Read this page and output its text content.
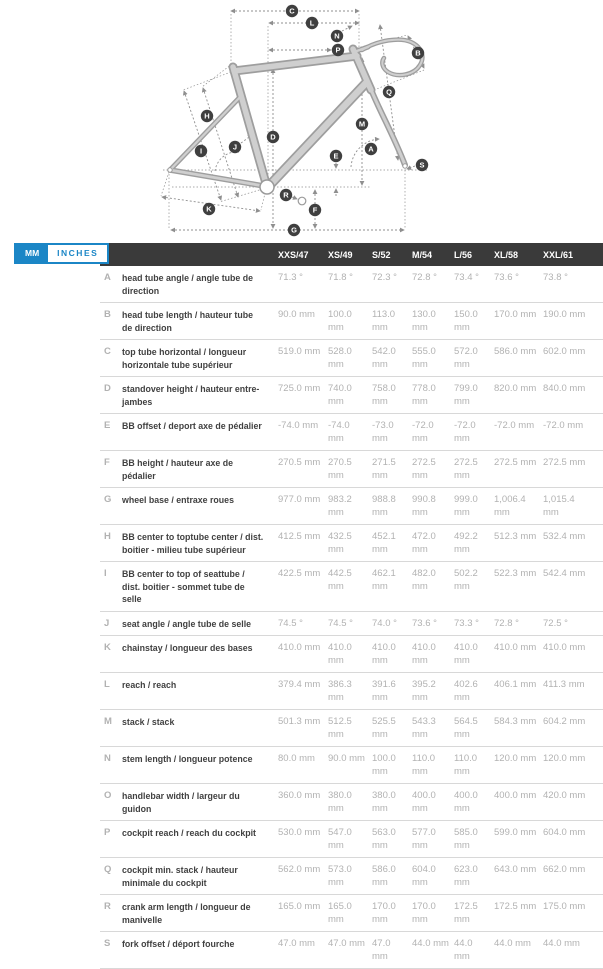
C
L
N
P	B
Q
H
M
D
J	A
I
E
S
R
K	F
G
MM	INCHES
		XXS/47	XS/49	S/52	M/54	L/56	XL/58	XXL/61
A	head tube angle / angle tube de direction	71.3 °	71.8 °	72.3 °	72.8 °	73.4 °	73.6 °	73.8 °

B	head tube length / hauteur tube de direction	90.0 mm	100.0 mm	113.0 mm	130.0 mm	150.0 mm	170.0 mm	190.0 mm

C	top tube horizontal / longueur horizontale tube supérieur	519.0 mm	528.0 mm	542.0 mm	555.0 mm	572.0 mm	586.0 mm	602.0 mm

D	standover height / hauteur entre-jambes	725.0 mm	740.0 mm	758.0 mm	778.0 mm	799.0 mm	820.0 mm	840.0 mm

E	BB offset / deport axe de pédalier	-74.0 mm	-74.0 mm	-73.0 mm	-72.0 mm	-72.0 mm	-72.0 mm	-72.0 mm

F	BB height / hauteur axe de pédalier	270.5 mm	270.5 mm	271.5 mm	272.5 mm	272.5 mm	272.5 mm	272.5 mm

G	wheel base / entraxe roues	977.0 mm	983.2 mm	988.8 mm	990.8 mm	999.0 mm	1,006.4 mm	1,015.4 mm

H	BB center to toptube center / dist. boitier - milieu tube supérieur	412.5 mm	432.5 mm	452.1 mm	472.0 mm	492.2 mm	512.3 mm	532.4 mm

I	BB center to top of seattube / dist. boitier - sommet tube de selle	422.5 mm	442.5 mm	462.1 mm	482.0 mm	502.2 mm	522.3 mm	542.4 mm

J	seat angle / angle tube de selle	74.5 °	74.5 °	74.0 °	73.6 °	73.3 °	72.8 °	72.5 °

K	chainstay / longueur des bases	410.0 mm	410.0 mm	410.0 mm	410.0 mm	410.0 mm	410.0 mm	410.0 mm

L	reach / reach	379.4 mm	386.3 mm	391.6 mm	395.2 mm	402.6 mm	406.1 mm	411.3 mm

M	stack / stack	501.3 mm	512.5 mm	525.5 mm	543.3 mm	564.5 mm	584.3 mm	604.2 mm

N	stem length / longueur potence	80.0 mm	90.0 mm	100.0 mm	110.0 mm	110.0 mm	120.0 mm	120.0 mm

O	handlebar width / largeur du guidon	360.0 mm	380.0 mm	380.0 mm	400.0 mm	400.0 mm	400.0 mm	420.0 mm

P	cockpit reach / reach du cockpit	530.0 mm	547.0 mm	563.0 mm	577.0 mm	585.0 mm	599.0 mm	604.0 mm

Q	cockpit min. stack / hauteur minimale du cockpit	562.0 mm	573.0 mm	586.0 mm	604.0 mm	623.0 mm	643.0 mm	662.0 mm

R	crank arm length / longueur de manivelle	165.0 mm	165.0 mm	170.0 mm	170.0 mm	172.5 mm	172.5 mm	175.0 mm

S	fork offset / déport fourche	47.0 mm	47.0 mm	47.0 mm	44.0 mm	44.0 mm	44.0 mm	44.0 mm
